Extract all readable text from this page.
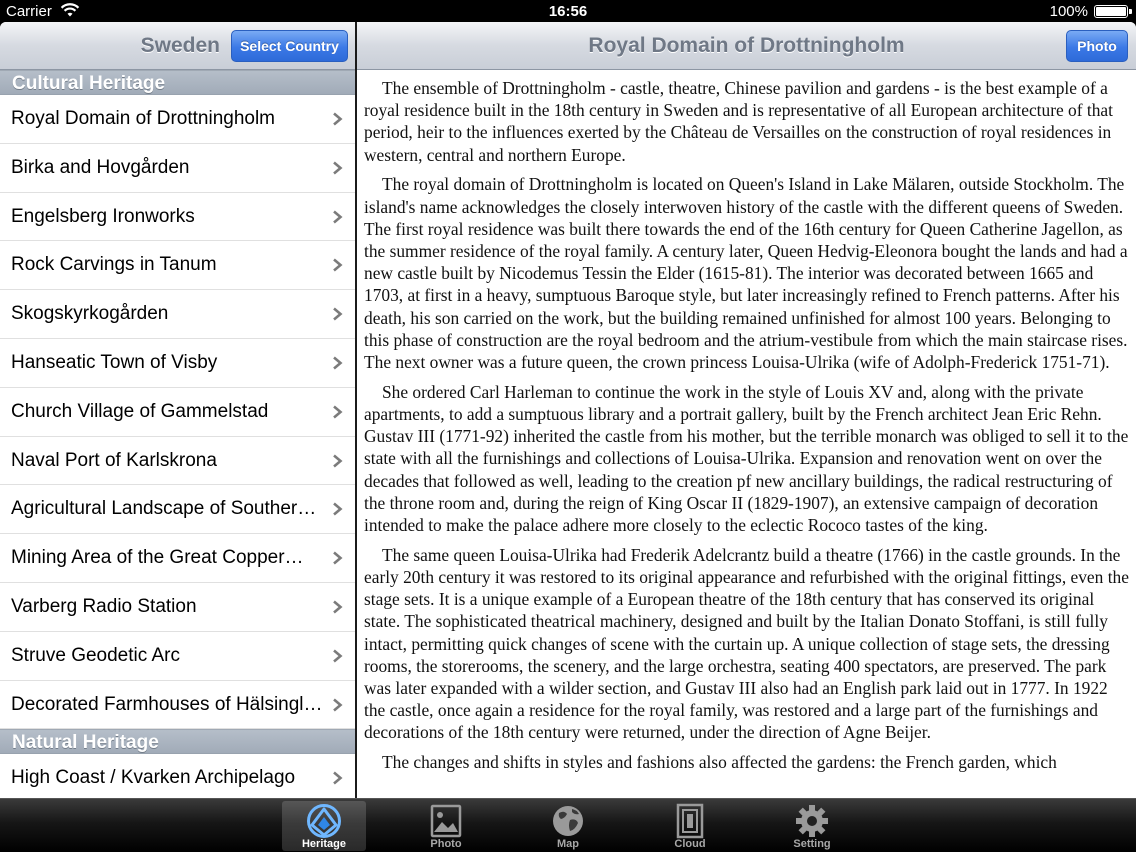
Carrier	16:56	100%
Sweden	Select Country
Cultural Heritage
Royal Domain of Drottningholm
Birka and Hovgården
Engelsberg Ironworks
Rock Carvings in Tanum
Skogskyrkogården
Hanseatic Town of Visby
Church Village of Gammelstad
Naval Port of Karlskrona
Agricultural Landscape of Souther…
Mining Area of the Great Copper…
Varberg Radio Station
Struve Geodetic Arc
Decorated Farmhouses of Hälsingl…
Natural Heritage
High Coast / Kvarken Archipelago
Royal Domain of Drottningholm	Photo

The ensemble of Drottningholm - castle, theatre, Chinese pavilion and gardens - is the best example of a royal residence built in the 18th century in Sweden and is representative of all European architecture of that period, heir to the influences exerted by the Château de Versailles on the construction of royal residences in western, central and northern Europe.

The royal domain of Drottningholm is located on Queen's Island in Lake Mälaren, outside Stockholm. The island's name acknowledges the closely interwoven history of the castle with the different queens of Sweden. The first royal residence was built there towards the end of the 16th century for Queen Catherine Jagellon, as the summer residence of the royal family. A century later, Queen Hedvig-Eleonora bought the lands and had a new castle built by Nicodemus Tessin the Elder (1615-81). The interior was decorated between 1665 and 1703, at first in a heavy, sumptuous Baroque style, but later increasingly refined to French patterns. After his death, his son carried on the work, but the building remained unfinished for almost 100 years. Belonging to this phase of construction are the royal bedroom and the atrium-vestibule from which the main staircase rises. The next owner was a future queen, the crown princess Louisa-Ulrika (wife of Adolph-Frederick 1751-71).

She ordered Carl Harleman to continue the work in the style of Louis XV and, along with the private apartments, to add a sumptuous library and a portrait gallery, built by the French architect Jean Eric Rehn. Gustav III (1771-92) inherited the castle from his mother, but the terrible monarch was obliged to sell it to the state with all the furnishings and collections of Louisa-Ulrika. Expansion and renovation went on over the decades that followed as well, leading to the creation pf new ancillary buildings, the radical restructuring of the throne room and, during the reign of King Oscar II (1829-1907), an extensive campaign of decoration intended to make the palace adhere more closely to the eclectic Rococo tastes of the king.

The same queen Louisa-Ulrika had Frederik Adelcrantz build a theatre (1766) in the castle grounds. In the early 20th century it was restored to its original appearance and refurbished with the original fittings, even the stage sets. It is a unique example of a European theatre of the 18th century that has conserved its original state. The sophisticated theatrical machinery, designed and built by the Italian Donato Stoffani, is still fully intact, permitting quick changes of scene with the curtain up. A unique collection of stage sets, the dressing rooms, the storerooms, the scenery, and the large orchestra, seating 400 spectators, are preserved. The park was later expanded with a wilder section, and Gustav III also had an English park laid out in 1777. In 1922 the castle, once again a residence for the royal family, was restored and a large part of the furnishings and decorations of the 18th century were returned, under the direction of Agne Beijer.

The changes and shifts in styles and fashions also affected the gardens: the French garden, which

Heritage	Photo	Map	Cloud	Setting
